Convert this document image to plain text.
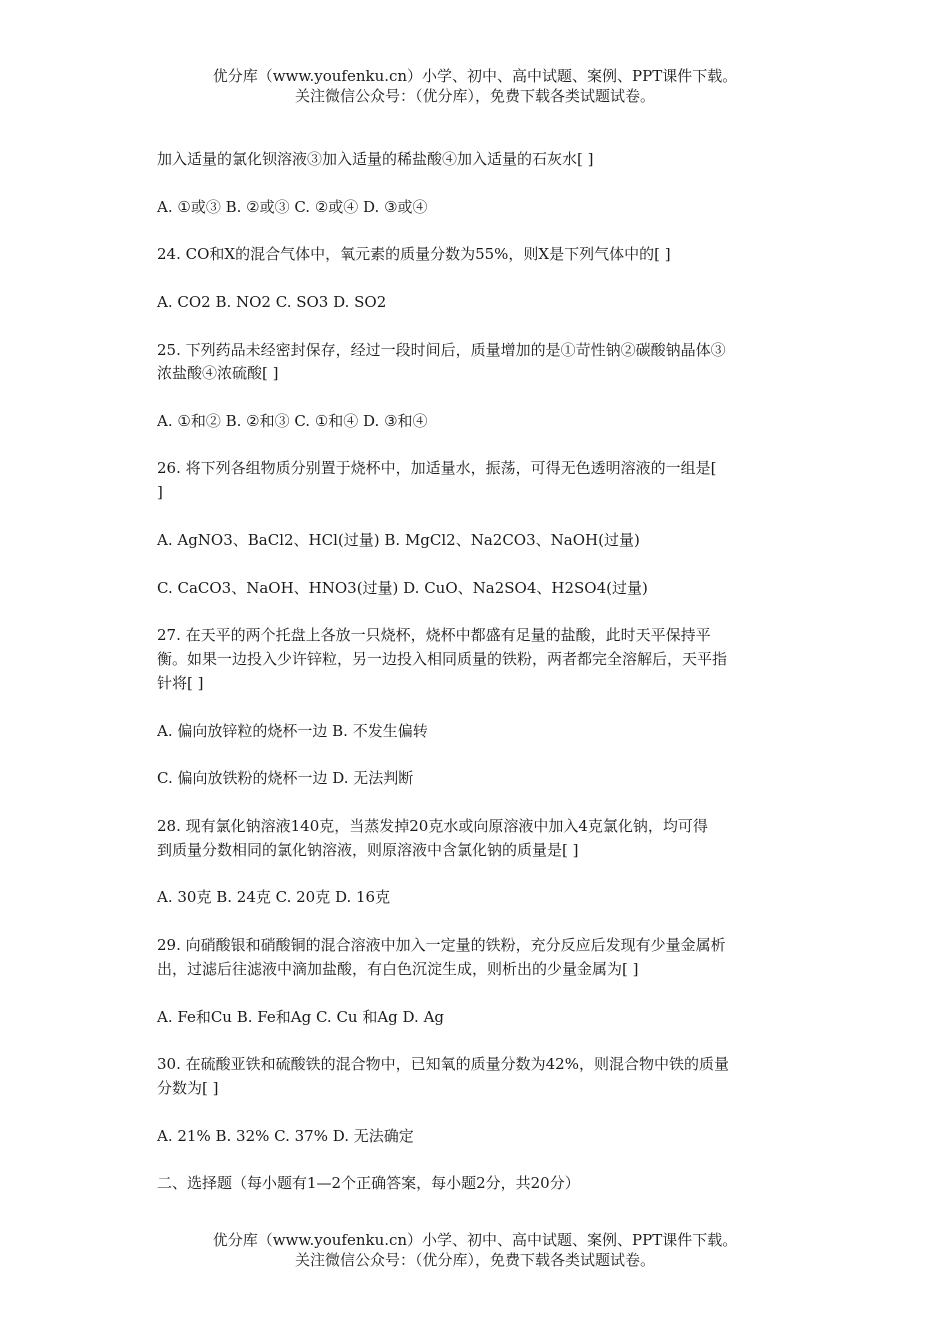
优分库（www.youfenku.cn）小学、初中、高中试题、案例、PPT课件下载。
关注微信公众号：（优分库），免费下载各类试题试卷。
加入适量的氯化钡溶液③加入适量的稀盐酸④加入适量的石灰水[ ]
A. ①或③ B. ②或③ C. ②或④ D. ③或④
24. CO和X的混合气体中，氧元素的质量分数为55%，则X是下列气体中的[ ]
A. CO2 B. NO2 C. SO3 D. SO2
25. 下列药品未经密封保存，经过一段时间后，质量增加的是①苛性钠②碳酸钠晶体③
浓盐酸④浓硫酸[ ]
A. ①和② B. ②和③ C. ①和④ D. ③和④
26. 将下列各组物质分别置于烧杯中，加适量水，振荡，可得无色透明溶液的一组是[
]
A. AgNO3、BaCl2、HCl(过量) B. MgCl2、Na2CO3、NaOH(过量)
C. CaCO3、NaOH、HNO3(过量) D. CuO、Na2SO4、H2SO4(过量)
27. 在天平的两个托盘上各放一只烧杯，烧杯中都盛有足量的盐酸，此时天平保持平
衡。如果一边投入少许锌粒，另一边投入相同质量的铁粉，两者都完全溶解后，天平指
针将[ ]
A. 偏向放锌粒的烧杯一边 B. 不发生偏转
C. 偏向放铁粉的烧杯一边 D. 无法判断
28. 现有氯化钠溶液140克，当蒸发掉20克水或向原溶液中加入4克氯化钠，均可得
到质量分数相同的氯化钠溶液，则原溶液中含氯化钠的质量是[ ]
A. 30克 B. 24克 C. 20克 D. 16克
29. 向硝酸银和硝酸铜的混合溶液中加入一定量的铁粉，充分反应后发现有少量金属析
出，过滤后往滤液中滴加盐酸，有白色沉淀生成，则析出的少量金属为[ ]
A. Fe和Cu B. Fe和Ag C. Cu 和Ag D. Ag
30. 在硫酸亚铁和硫酸铁的混合物中，已知氧的质量分数为42%，则混合物中铁的质量
分数为[ ]
A. 21% B. 32% C. 37% D. 无法确定
二、选择题（每小题有1—2个正确答案，每小题2分，共20分）
优分库（www.youfenku.cn）小学、初中、高中试题、案例、PPT课件下载。
关注微信公众号：（优分库），免费下载各类试题试卷。
